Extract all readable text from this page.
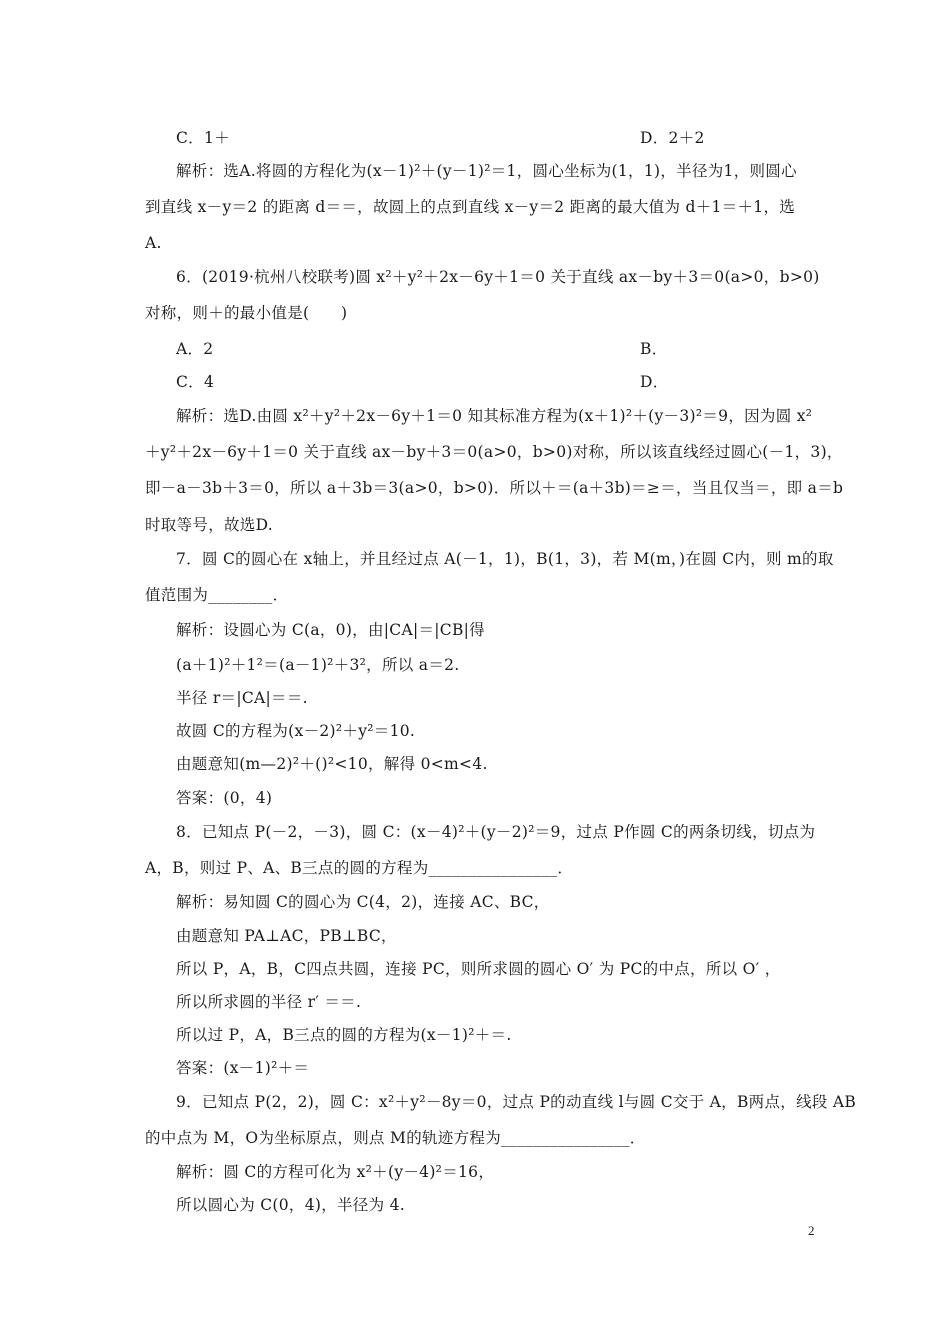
C．1＋	D．2＋2
解析：选A.将圆的方程化为(x－1)²＋(y－1)²＝1，圆心坐标为(1，1)，半径为1，则圆心
到直线 x－y＝2 的距离 d＝＝，故圆上的点到直线 x－y＝2 距离的最大值为 d＋1＝＋1，选
A.
6．(2019·杭州八校联考)圆 x²＋y²＋2x－6y＋1＝0 关于直线 ax－by＋3＝0(a>0，b>0)
对称，则＋的最小值是(　　)
A．2	B．
C．4	D．
解析：选D.由圆 x²＋y²＋2x－6y＋1＝0 知其标准方程为(x＋1)²＋(y－3)²＝9，因为圆 x²
＋y²＋2x－6y＋1＝0 关于直线 ax－by＋3＝0(a>0，b>0)对称，所以该直线经过圆心(－1，3)，
即－a－3b＋3＝0，所以 a＋3b＝3(a>0，b>0)．所以＋＝(a＋3b)＝≥＝，当且仅当＝，即 a＝b
时取等号，故选D.
7．圆 C的圆心在 x轴上，并且经过点 A(－1，1)，B(1，3)，若 M(m，)在圆 C内，则 m的取
值范围为________．
解析：设圆心为 C(a，0)，由|CA|＝|CB|得
(a＋1)²＋1²＝(a－1)²＋3²，所以 a＝2.
半径 r＝|CA|＝＝.
故圆 C的方程为(x－2)²＋y²＝10.
由题意知(m—2)²＋()²<10，解得 0<m<4.
答案：(0，4)
8．已知点 P(－2，－3)，圆 C：(x－4)²＋(y－2)²＝9，过点 P作圆 C的两条切线，切点为
A，B，则过 P、A、B三点的圆的方程为________________．
解析：易知圆 C的圆心为 C(4，2)，连接 AC、BC，
由题意知 PA⊥AC，PB⊥BC，
所以 P，A，B，C四点共圆，连接 PC，则所求圆的圆心 O′ 为 PC的中点，所以 O′ ，
所以所求圆的半径 r′ ＝＝.
所以过 P，A，B三点的圆的方程为(x－1)²＋＝.
答案：(x－1)²＋＝
9．已知点 P(2，2)，圆 C：x²＋y²－8y＝0，过点 P的动直线 l与圆 C交于 A，B两点，线段 AB
的中点为 M，O为坐标原点，则点 M的轨迹方程为________________．
解析：圆 C的方程可化为 x²＋(y－4)²＝16，
所以圆心为 C(0，4)，半径为 4.
2
